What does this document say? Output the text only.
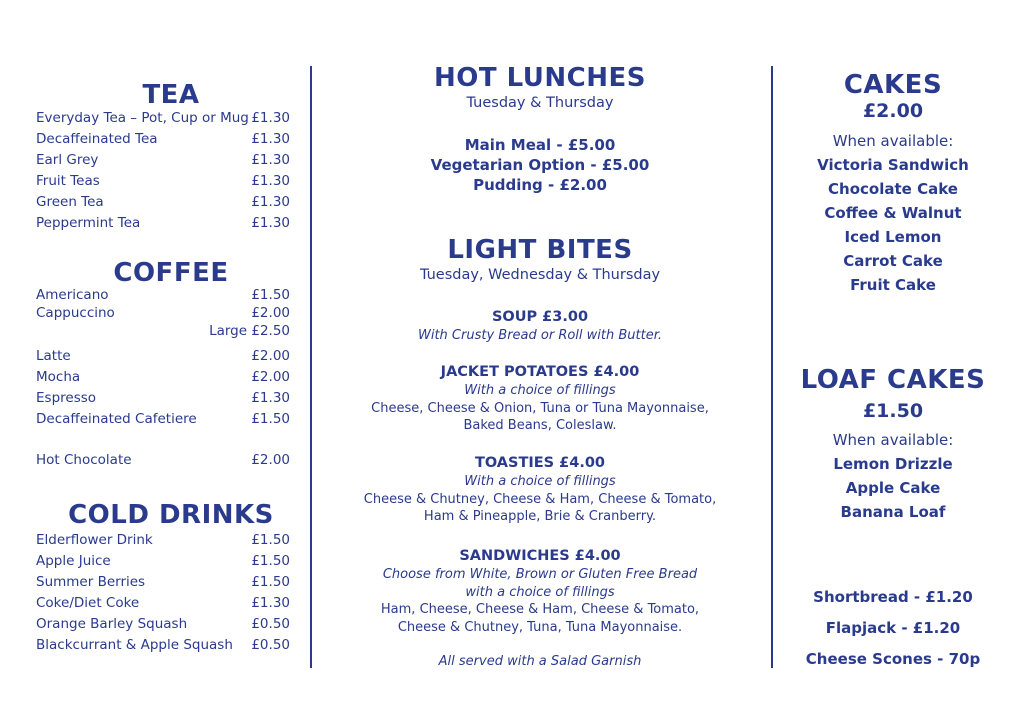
TEA
Everyday Tea – Pot, Cup or Mug £1.30
Decaffeinated Tea	£1.30
Earl Grey	£1.30
Fruit Teas	£1.30
Green Tea	£1.30
Peppermint Tea	£1.30
COFFEE
Americano	£1.50
Cappuccino	£2.00
Large £2.50
Latte	£2.00
Mocha	£2.00
Espresso	£1.30
Decaffeinated Cafetiere	£1.50
Hot Chocolate	£2.00
COLD DRINKS
Elderflower Drink	£1.50
Apple Juice	£1.50
Summer Berries	£1.50
Coke/Diet Coke	£1.30
Orange Barley Squash	£0.50
Blackcurrant & Apple Squash £0.50
HOT LUNCHES
Tuesday & Thursday
Main Meal - £5.00
Vegetarian Option - £5.00
Pudding - £2.00
LIGHT BITES
Tuesday, Wednesday & Thursday
SOUP £3.00
With Crusty Bread or Roll with Butter.
JACKET POTATOES £4.00
With a choice of fillings
Cheese, Cheese & Onion, Tuna or Tuna Mayonnaise,
Baked Beans, Coleslaw.
TOASTIES £4.00
With a choice of fillings
Cheese & Chutney, Cheese & Ham, Cheese & Tomato,
Ham & Pineapple, Brie & Cranberry.
SANDWICHES £4.00
Choose from White, Brown or Gluten Free Bread
with a choice of fillings
Ham, Cheese, Cheese & Ham, Cheese & Tomato,
Cheese & Chutney, Tuna, Tuna Mayonnaise.
All served with a Salad Garnish
CAKES
£2.00
When available:
Victoria Sandwich
Chocolate Cake
Coffee & Walnut
Iced Lemon
Carrot Cake
Fruit Cake
LOAF CAKES
£1.50
When available:
Lemon Drizzle
Apple Cake
Banana Loaf
Shortbread - £1.20
Flapjack - £1.20
Cheese Scones - 70p
